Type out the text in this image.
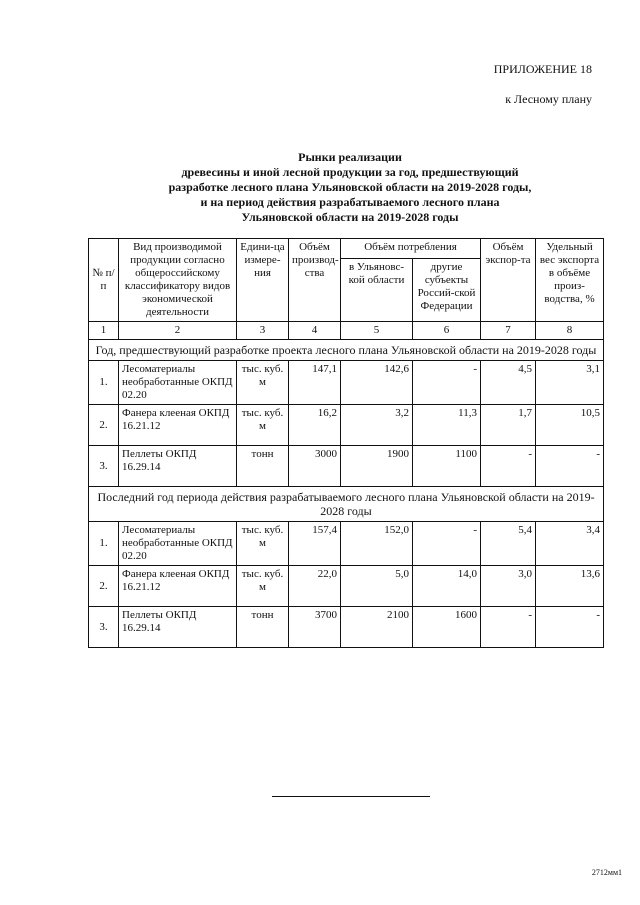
ПРИЛОЖЕНИЕ 18
к Лесному плану
Рынки реализации
древесины и иной лесной продукции за год, предшествующий
разработке лесного плана Ульяновской области на 2019-2028 годы,
и на период действия разрабатываемого лесного плана
Ульяновской области на 2019-2028 годы
№ п/п	Вид производимой продукции согласно общероссийскому классификатору видов экономической деятельности	Едини-ца измере-ния	Объём производ-ства	Объём потребления		Объём экспор-та	Удельный вес экспорта в объёме произ-водства, %
				в Ульяновс-кой области	другие субъекты Россий-ской Федерации		
1	2	3	4	5	6	7	8
Год, предшествующий разработке проекта лесного плана Ульяновской области на 2019-2028 годы							
1.	Лесоматериалы необработанные ОКПД 02.20	тыс. куб. м	147,1	142,6	-	4,5	3,1
2.	Фанера клееная ОКПД 16.21.12	тыс. куб. м	16,2	3,2	11,3	1,7	10,5
3.	Пеллеты ОКПД 16.29.14	тонн	3000	1900	1100	-	-
Последний год периода действия разрабатываемого лесного плана Ульяновской области на 2019-2028 годы							
1.	Лесоматериалы необработанные ОКПД 02.20	тыс. куб. м	157,4	152,0	-	5,4	3,4
2.	Фанера клееная ОКПД 16.21.12	тыс. куб. м	22,0	5,0	14,0	3,0	13,6
3.	Пеллеты ОКПД 16.29.14	тонн	3700	2100	1600	-	-
2712мм1
